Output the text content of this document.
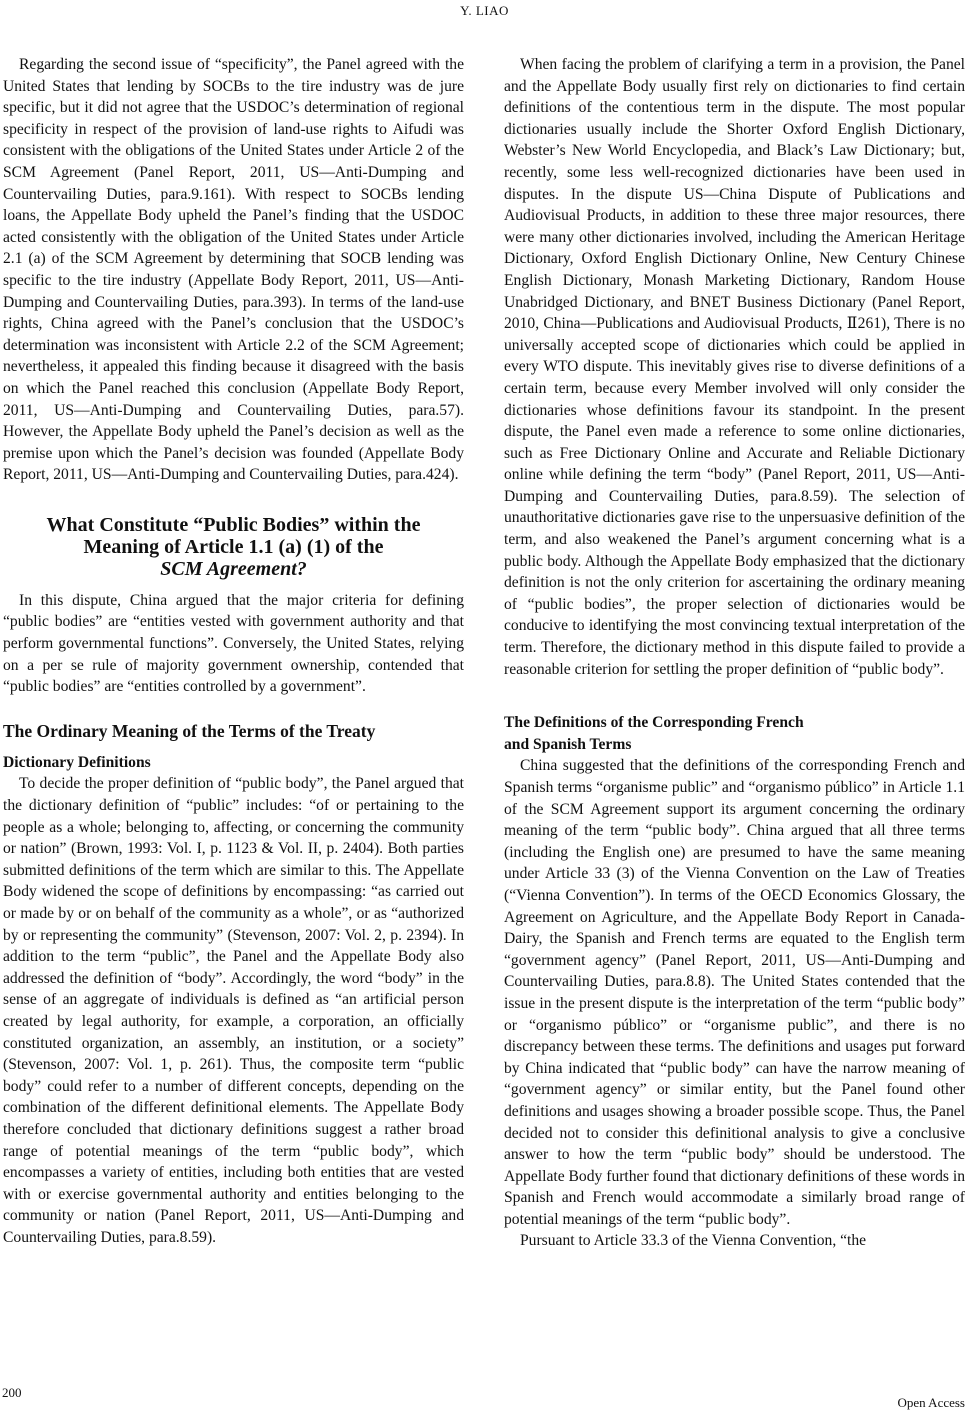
Y. LIAO

Regarding the second issue of “specificity”, the Panel agreed with the United States that lending by SOCBs to the tire industry was de jure specific, but it did not agree that the USDOC’s determination of regional specificity in respect of the provision of land-use rights to Aifudi was consistent with the obligations of the United States under Article 2 of the SCM Agreement (Panel Report, 2011, US—Anti-Dumping and Countervailing Duties, para.9.161). With respect to SOCBs lending loans, the Appellate Body upheld the Panel’s finding that the USDOC acted consistently with the obligation of the United States under Article 2.1 (a) of the SCM Agreement by determining that SOCB lending was specific to the tire industry (Appellate Body Report, 2011, US—Anti-Dumping and Countervailing Duties, para.393). In terms of the land-use rights, China agreed with the Panel’s conclusion that the USDOC’s determination was inconsistent with Article 2.2 of the SCM Agreement; nevertheless, it appealed this finding because it disagreed with the basis on which the Panel reached this conclusion (Appellate Body Report, 2011, US—Anti-Dumping and Countervailing Duties, para.57). However, the Appellate Body upheld the Panel’s decision as well as the premise upon which the Panel’s decision was founded (Appellate Body Report, 2011, US—Anti-Dumping and Countervailing Duties, para.424).

What Constitute “Public Bodies” within the
Meaning of Article 1.1 (a) (1) of the
SCM Agreement?

In this dispute, China argued that the major criteria for defining “public bodies” are “entities vested with government authority and that perform governmental functions”. Conversely, the United States, relying on a per se rule of majority government ownership, contended that “public bodies” are “entities controlled by a government”.

The Ordinary Meaning of the Terms of the Treaty
Dictionary Definitions

To decide the proper definition of “public body”, the Panel argued that the dictionary definition of “public” includes: “of or pertaining to the people as a whole; belonging to, affecting, or concerning the community or nation” (Brown, 1993: Vol. I, p. 1123 & Vol. II, p. 2404). Both parties submitted definitions of the term which are similar to this. The Appellate Body widened the scope of definitions by encompassing: “as carried out or made by or on behalf of the community as a whole”, or as “authorized by or representing the community” (Stevenson, 2007: Vol. 2, p. 2394). In addition to the term “public”, the Panel and the Appellate Body also addressed the definition of “body”. Accordingly, the word “body” in the sense of an aggregate of individuals is defined as “an artificial person created by legal authority, for example, a corporation, an officially constituted organization, an assembly, an institution, or a society” (Stevenson, 2007: Vol. 1, p. 261). Thus, the composite term “public body” could refer to a number of different concepts, depending on the combination of the different definitional elements. The Appellate Body therefore concluded that dictionary definitions suggest a rather broad range of potential meanings of the term “public body”, which encompasses a variety of entities, including both entities that are vested with or exercise governmental authority and entities belonging to the community or nation (Panel Report, 2011, US—Anti-Dumping and Countervailing Duties, para.8.59).

When facing the problem of clarifying a term in a provision, the Panel and the Appellate Body usually first rely on dictionaries to find certain definitions of the contentious term in the dispute. The most popular dictionaries usually include the Shorter Oxford English Dictionary, Webster’s New World Encyclopedia, and Black’s Law Dictionary; but, recently, some less well-recognized dictionaries have been used in disputes. In the dispute US—China Dispute of Publications and Audiovisual Products, in addition to these three major resources, there were many other dictionaries involved, including the American Heritage Dictionary, Oxford English Dictionary Online, New Century Chinese English Dictionary, Monash Marketing Dictionary, Random House Unabridged Dictionary, and BNET Business Dictionary (Panel Report, 2010, China—Publications and Audiovisual Products, Ⅱ261), There is no universally accepted scope of dictionaries which could be applied in every WTO dispute. This inevitably gives rise to diverse definitions of a certain term, because every Member involved will only consider the dictionaries whose definitions favour its standpoint. In the present dispute, the Panel even made a reference to some online dictionaries, such as Free Dictionary Online and Accurate and Reliable Dictionary online while defining the term “body” (Panel Report, 2011, US—Anti-Dumping and Countervailing Duties, para.8.59). The selection of unauthoritative dictionaries gave rise to the unpersuasive definition of the term, and also weakened the Panel’s argument concerning what is a public body. Although the Appellate Body emphasized that the dictionary definition is not the only criterion for ascertaining the ordinary meaning of “public bodies”, the proper selection of dictionaries would be conducive to identifying the most convincing textual interpretation of the term. Therefore, the dictionary method in this dispute failed to provide a reasonable criterion for settling the proper definition of “public body”.

The Definitions of the Corresponding French
and Spanish Terms

China suggested that the definitions of the corresponding French and Spanish terms “organisme public” and “organismo público” in Article 1.1 of the SCM Agreement support its argument concerning the ordinary meaning of the term “public body”. China argued that all three terms (including the English one) are presumed to have the same meaning under Article 33 (3) of the Vienna Convention on the Law of Treaties (“Vienna Convention”). In terms of the OECD Economics Glossary, the Agreement on Agriculture, and the Appellate Body Report in Canada-Dairy, the Spanish and French terms are equated to the English term “government agency” (Panel Report, 2011, US—Anti-Dumping and Countervailing Duties, para.8.8). The United States contended that the issue in the present dispute is the interpretation of the term “public body” or “organismo público” or “organisme public”, and there is no discrepancy between these terms. The definitions and usages put forward by China indicated that “public body” can have the narrow meaning of “government agency” or similar entity, but the Panel found other definitions and usages showing a broader possible scope. Thus, the Panel decided not to consider this definitional analysis to give a conclusive answer to how the term “public body” should be understood. The Appellate Body further found that dictionary definitions of these words in Spanish and French would accommodate a similarly broad range of potential meanings of the term “public body”.

Pursuant to Article 33.3 of the Vienna Convention, “the

200
Open Access
